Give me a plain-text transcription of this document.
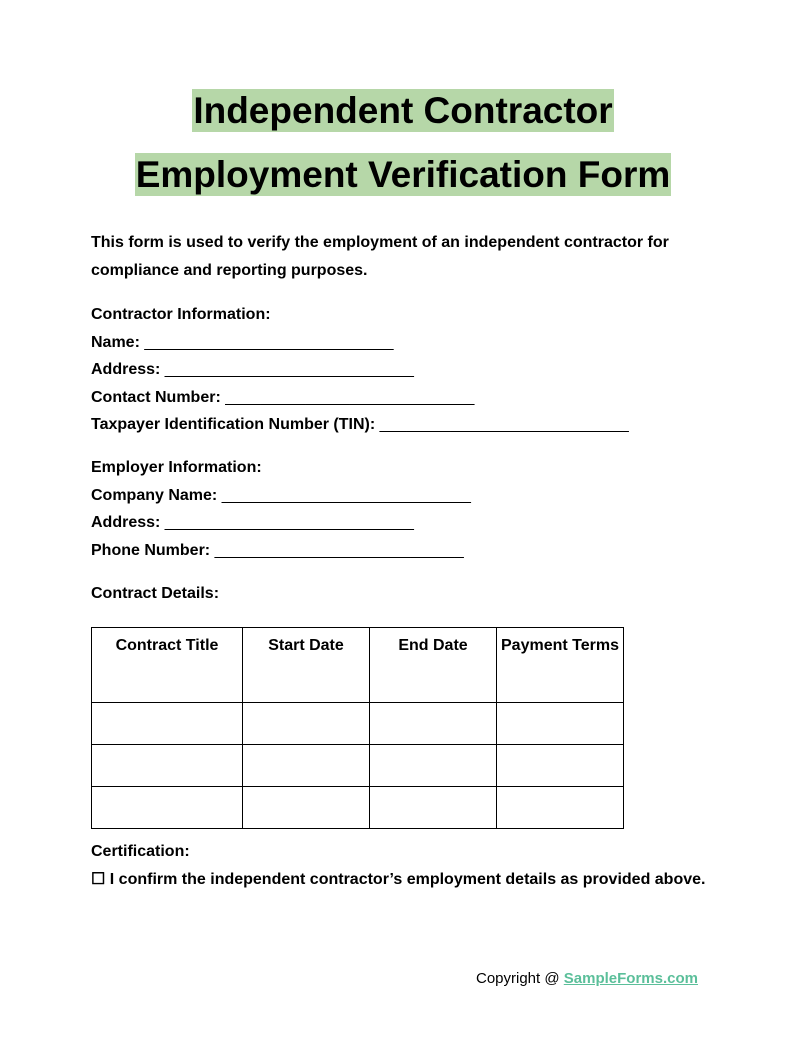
Independent Contractor
Employment Verification Form
This form is used to verify the employment of an independent contractor for
compliance and reporting purposes.
Contractor Information:
Name: ____________________________
Address: ____________________________
Contact Number: ____________________________
Taxpayer Identification Number (TIN): ____________________________
Employer Information:
Company Name: ____________________________
Address: ____________________________
Phone Number: ____________________________
Contract Details:
Contract Title	Start Date	End Date	Payment Terms

Certification:
☐ I confirm the independent contractor’s employment details as provided above.
Copyright @ SampleForms.com
